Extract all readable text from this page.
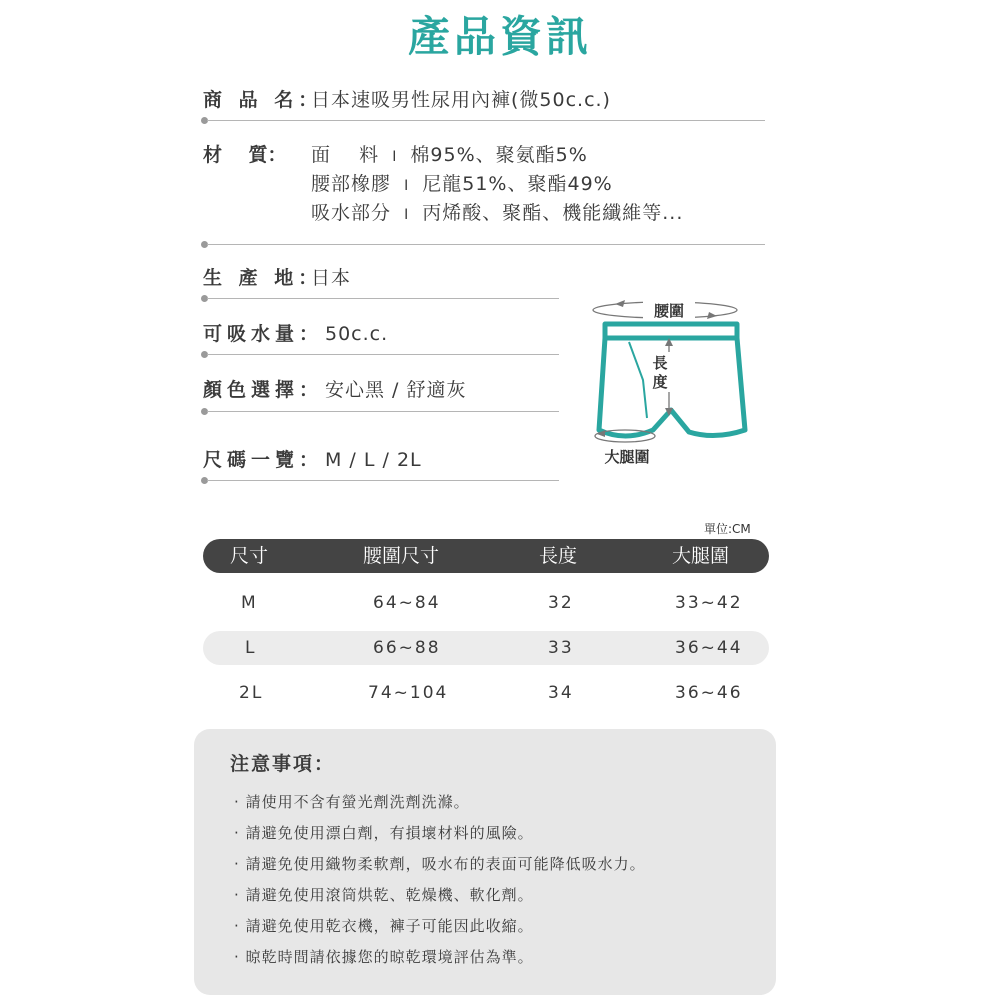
產品資訊
商 品 名：
日本速吸男性尿用內褲(微50c.c.)
材    質： 面    料 I 棉95%、聚氨酯5%
腰部橡膠 I 尼龍51%、聚酯49%
吸水部分 I 丙烯酸、聚酯、機能纖維等...
生 產 地：
日本
可吸水量： 50c.c.
顏色選擇： 安心黑 / 舒適灰
尺碼一覽： M / L / 2L
腰圍
長
度
大腿圍
單位:CM
尺寸	腰圍尺寸	長度	大腿圍
M	64~84	32	33~42
L	66~88	33	36~44
2L	74~104	34	36~46
注意事項：
· 請使用不含有螢光劑洗劑洗滌。
· 請避免使用漂白劑，有損壞材料的風險。
· 請避免使用織物柔軟劑，吸水布的表面可能降低吸水力。
· 請避免使用滾筒烘乾、乾燥機、軟化劑。
· 請避免使用乾衣機，褲子可能因此收縮。
· 晾乾時間請依據您的晾乾環境評估為準。
